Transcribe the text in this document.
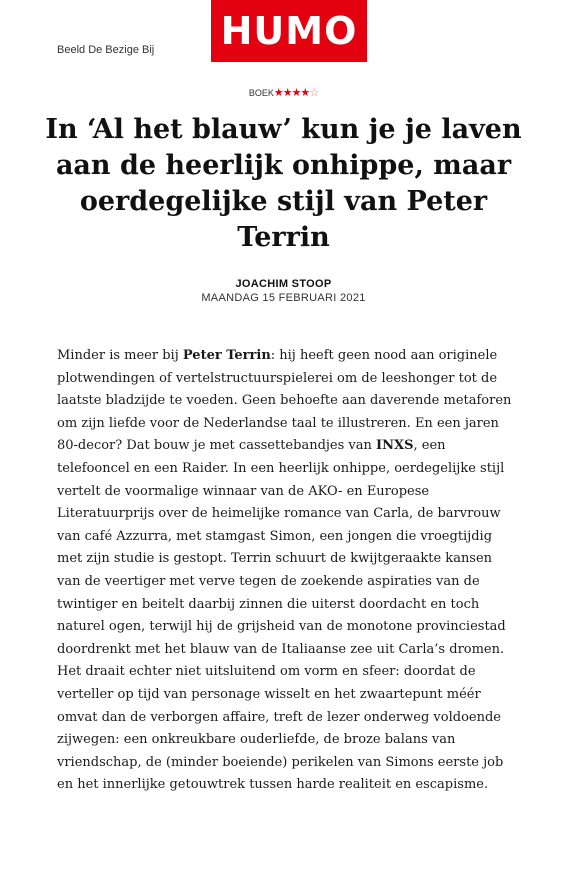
HUMO
Beeld De Bezige Bij
BOEK★★★★☆
In ‘Al het blauw’ kun je je laven aan de heerlijk onhippe, maar oerdegelijke stijl van Peter Terrin
JOACHIM STOOP
MAANDAG 15 FEBRUARI 2021

Minder is meer bij Peter Terrin: hij heeft geen nood aan originele plotwendingen of vertelstructuurspielerei om de leeshonger tot de laatste bladzijde te voeden. Geen behoefte aan daverende metaforen om zijn liefde voor de Nederlandse taal te illustreren. En een jaren 80-decor? Dat bouw je met cassettebandjes van INXS, een telefooncel en een Raider. In een heerlijk onhippe, oerdegelijke stijl vertelt de voormalige winnaar van de AKO- en Europese Literatuurprijs over de heimelijke romance van Carla, de barvrouw van café Azzurra, met stamgast Simon, een jongen die vroegtijdig met zijn studie is gestopt. Terrin schuurt de kwijtgeraakte kansen van de veertiger met verve tegen de zoekende aspiraties van de twintiger en beitelt daarbij zinnen die uiterst doordacht en toch naturel ogen, terwijl hij de grijsheid van de monotone provinciestad doordrenkt met het blauw van de Italiaanse zee uit Carla’s dromen. Het draait echter niet uitsluitend om vorm en sfeer: doordat de verteller op tijd van personage wisselt en het zwaartepunt méér omvat dan de verborgen affaire, treft de lezer onderweg voldoende zijwegen: een onkreukbare ouderliefde, de broze balans van vriendschap, de (minder boeiende) perikelen van Simons eerste job en het innerlijke getouwtrek tussen harde realiteit en escapisme.
